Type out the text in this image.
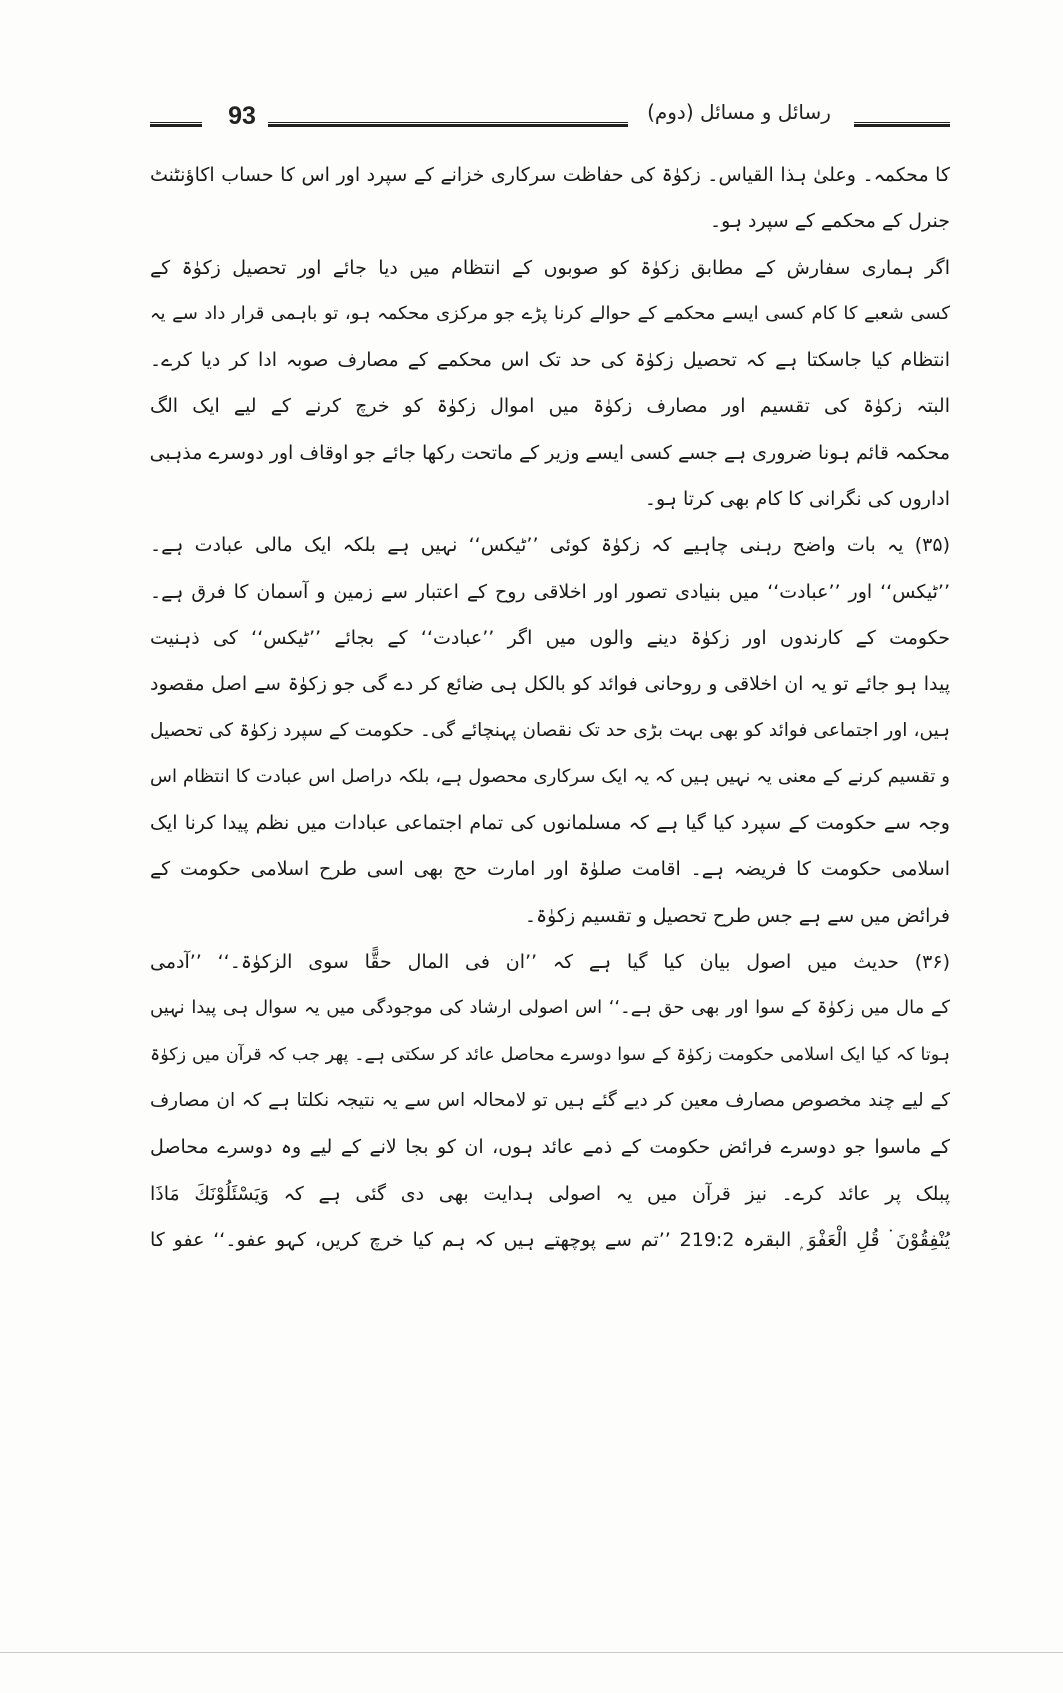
93	رسائل و مسائل (دوم)
کا محکمہ۔ وعلیٰ ہذا القیاس۔ زکوٰۃ کی حفاظت سرکاری خزانے کے سپرد اور اس کا حساب اکاؤنٹنٹ
جنرل کے محکمے کے سپرد ہو۔
اگر ہماری سفارش کے مطابق زکوٰۃ کو صوبوں کے انتظام میں دیا جائے اور تحصیل زکوٰۃ کے
کسی شعبے کا کام کسی ایسے محکمے کے حوالے کرنا پڑے جو مرکزی محکمہ ہو، تو باہمی قرار داد سے یہ
انتظام کیا جاسکتا ہے کہ تحصیل زکوٰۃ کی حد تک اس محکمے کے مصارف صوبہ ادا کر دیا کرے۔
البتہ زکوٰۃ کی تقسیم اور مصارف زکوٰۃ میں اموال زکوٰۃ کو خرچ کرنے کے لیے ایک الگ
محکمہ قائم ہونا ضروری ہے جسے کسی ایسے وزیر کے ماتحت رکھا جائے جو اوقاف اور دوسرے مذہبی
اداروں کی نگرانی کا کام بھی کرتا ہو۔
(۳۵) یہ بات واضح رہنی چاہیے کہ زکوٰۃ کوئی ’’ٹیکس‘‘ نہیں ہے بلکہ ایک مالی عبادت ہے۔
’’ٹیکس‘‘ اور ’’عبادت‘‘ میں بنیادی تصور اور اخلاقی روح کے اعتبار سے زمین و آسمان کا فرق ہے۔
حکومت کے کارندوں اور زکوٰۃ دینے والوں میں اگر ’’عبادت‘‘ کے بجائے ’’ٹیکس‘‘ کی ذہنیت
پیدا ہو جائے تو یہ ان اخلاقی و روحانی فوائد کو بالکل ہی ضائع کر دے گی جو زکوٰۃ سے اصل مقصود
ہیں، اور اجتماعی فوائد کو بھی بہت بڑی حد تک نقصان پہنچائے گی۔ حکومت کے سپرد زکوٰۃ کی تحصیل
و تقسیم کرنے کے معنی یہ نہیں ہیں کہ یہ ایک سرکاری محصول ہے، بلکہ دراصل اس عبادت کا انتظام اس
وجہ سے حکومت کے سپرد کیا گیا ہے کہ مسلمانوں کی تمام اجتماعی عبادات میں نظم پیدا کرنا ایک
اسلامی حکومت کا فریضہ ہے۔ اقامت صلوٰۃ اور امارت حج بھی اسی طرح اسلامی حکومت کے
فرائض میں سے ہے جس طرح تحصیل و تقسیم زکوٰۃ۔
(۳۶) حدیث میں اصول بیان کیا گیا ہے کہ ’’ان فی المال حقًّا سوی الزکوٰۃ۔‘‘ ’’آدمی
کے مال میں زکوٰۃ کے سوا اور بھی حق ہے۔‘‘ اس اصولی ارشاد کی موجودگی میں یہ سوال ہی پیدا نہیں
ہوتا کہ کیا ایک اسلامی حکومت زکوٰۃ کے سوا دوسرے محاصل عائد کر سکتی ہے۔ پھر جب کہ قرآن میں زکوٰۃ
کے لیے چند مخصوص مصارف معین کر دیے گئے ہیں تو لامحالہ اس سے یہ نتیجہ نکلتا ہے کہ ان مصارف
کے ماسوا جو دوسرے فرائض حکومت کے ذمے عائد ہوں، ان کو بجا لانے کے لیے وہ دوسرے محاصل
پبلک پر عائد کرے۔ نیز قرآن میں یہ اصولی ہدایت بھی دی گئی ہے کہ وَیَسْئَلُوْنَكَ مَاذَا
یُنْفِقُوْنَ ۬ قُلِ الْعَفْوَ ۭ البقرہ 219:2 ’’تم سے پوچھتے ہیں کہ ہم کیا خرچ کریں، کہو عفو۔‘‘ عفو کا
